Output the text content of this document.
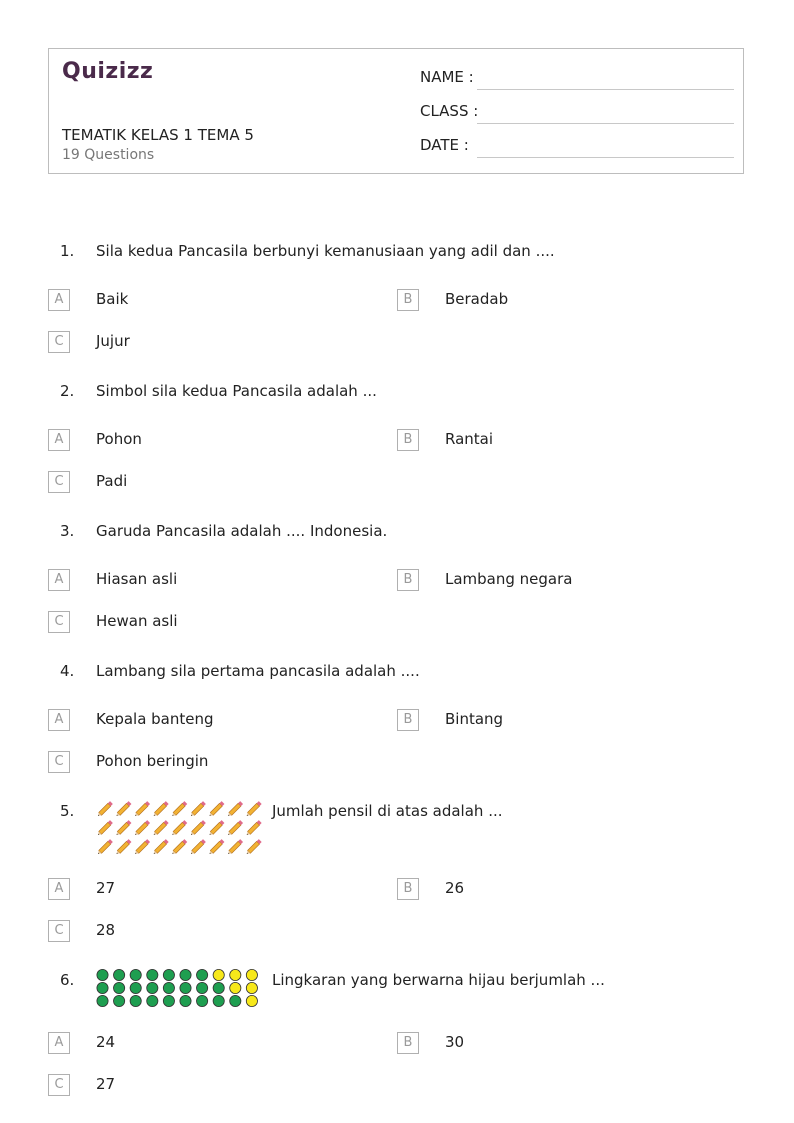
Quizizz
TEMATIK KELAS 1 TEMA 5
19 Questions
NAME :
CLASS :
DATE :
1. Sila kedua Pancasila berbunyi kemanusiaan yang adil dan ....
A	Baik	B	Beradab
C	Jujur
2. Simbol sila kedua Pancasila adalah ...
A	Pohon	B	Rantai
C	Padi
3. Garuda Pancasila adalah .... Indonesia.
A	Hiasan asli	B	Lambang negara
C	Hewan asli
4. Lambang sila pertama pancasila adalah ....
A	Kepala banteng	B	Bintang
C	Pohon beringin
5.	Jumlah pensil di atas adalah ...
A	27	B	26
C	28
6.	Lingkaran yang berwarna hijau berjumlah ...
A	24	B	30
C	27
